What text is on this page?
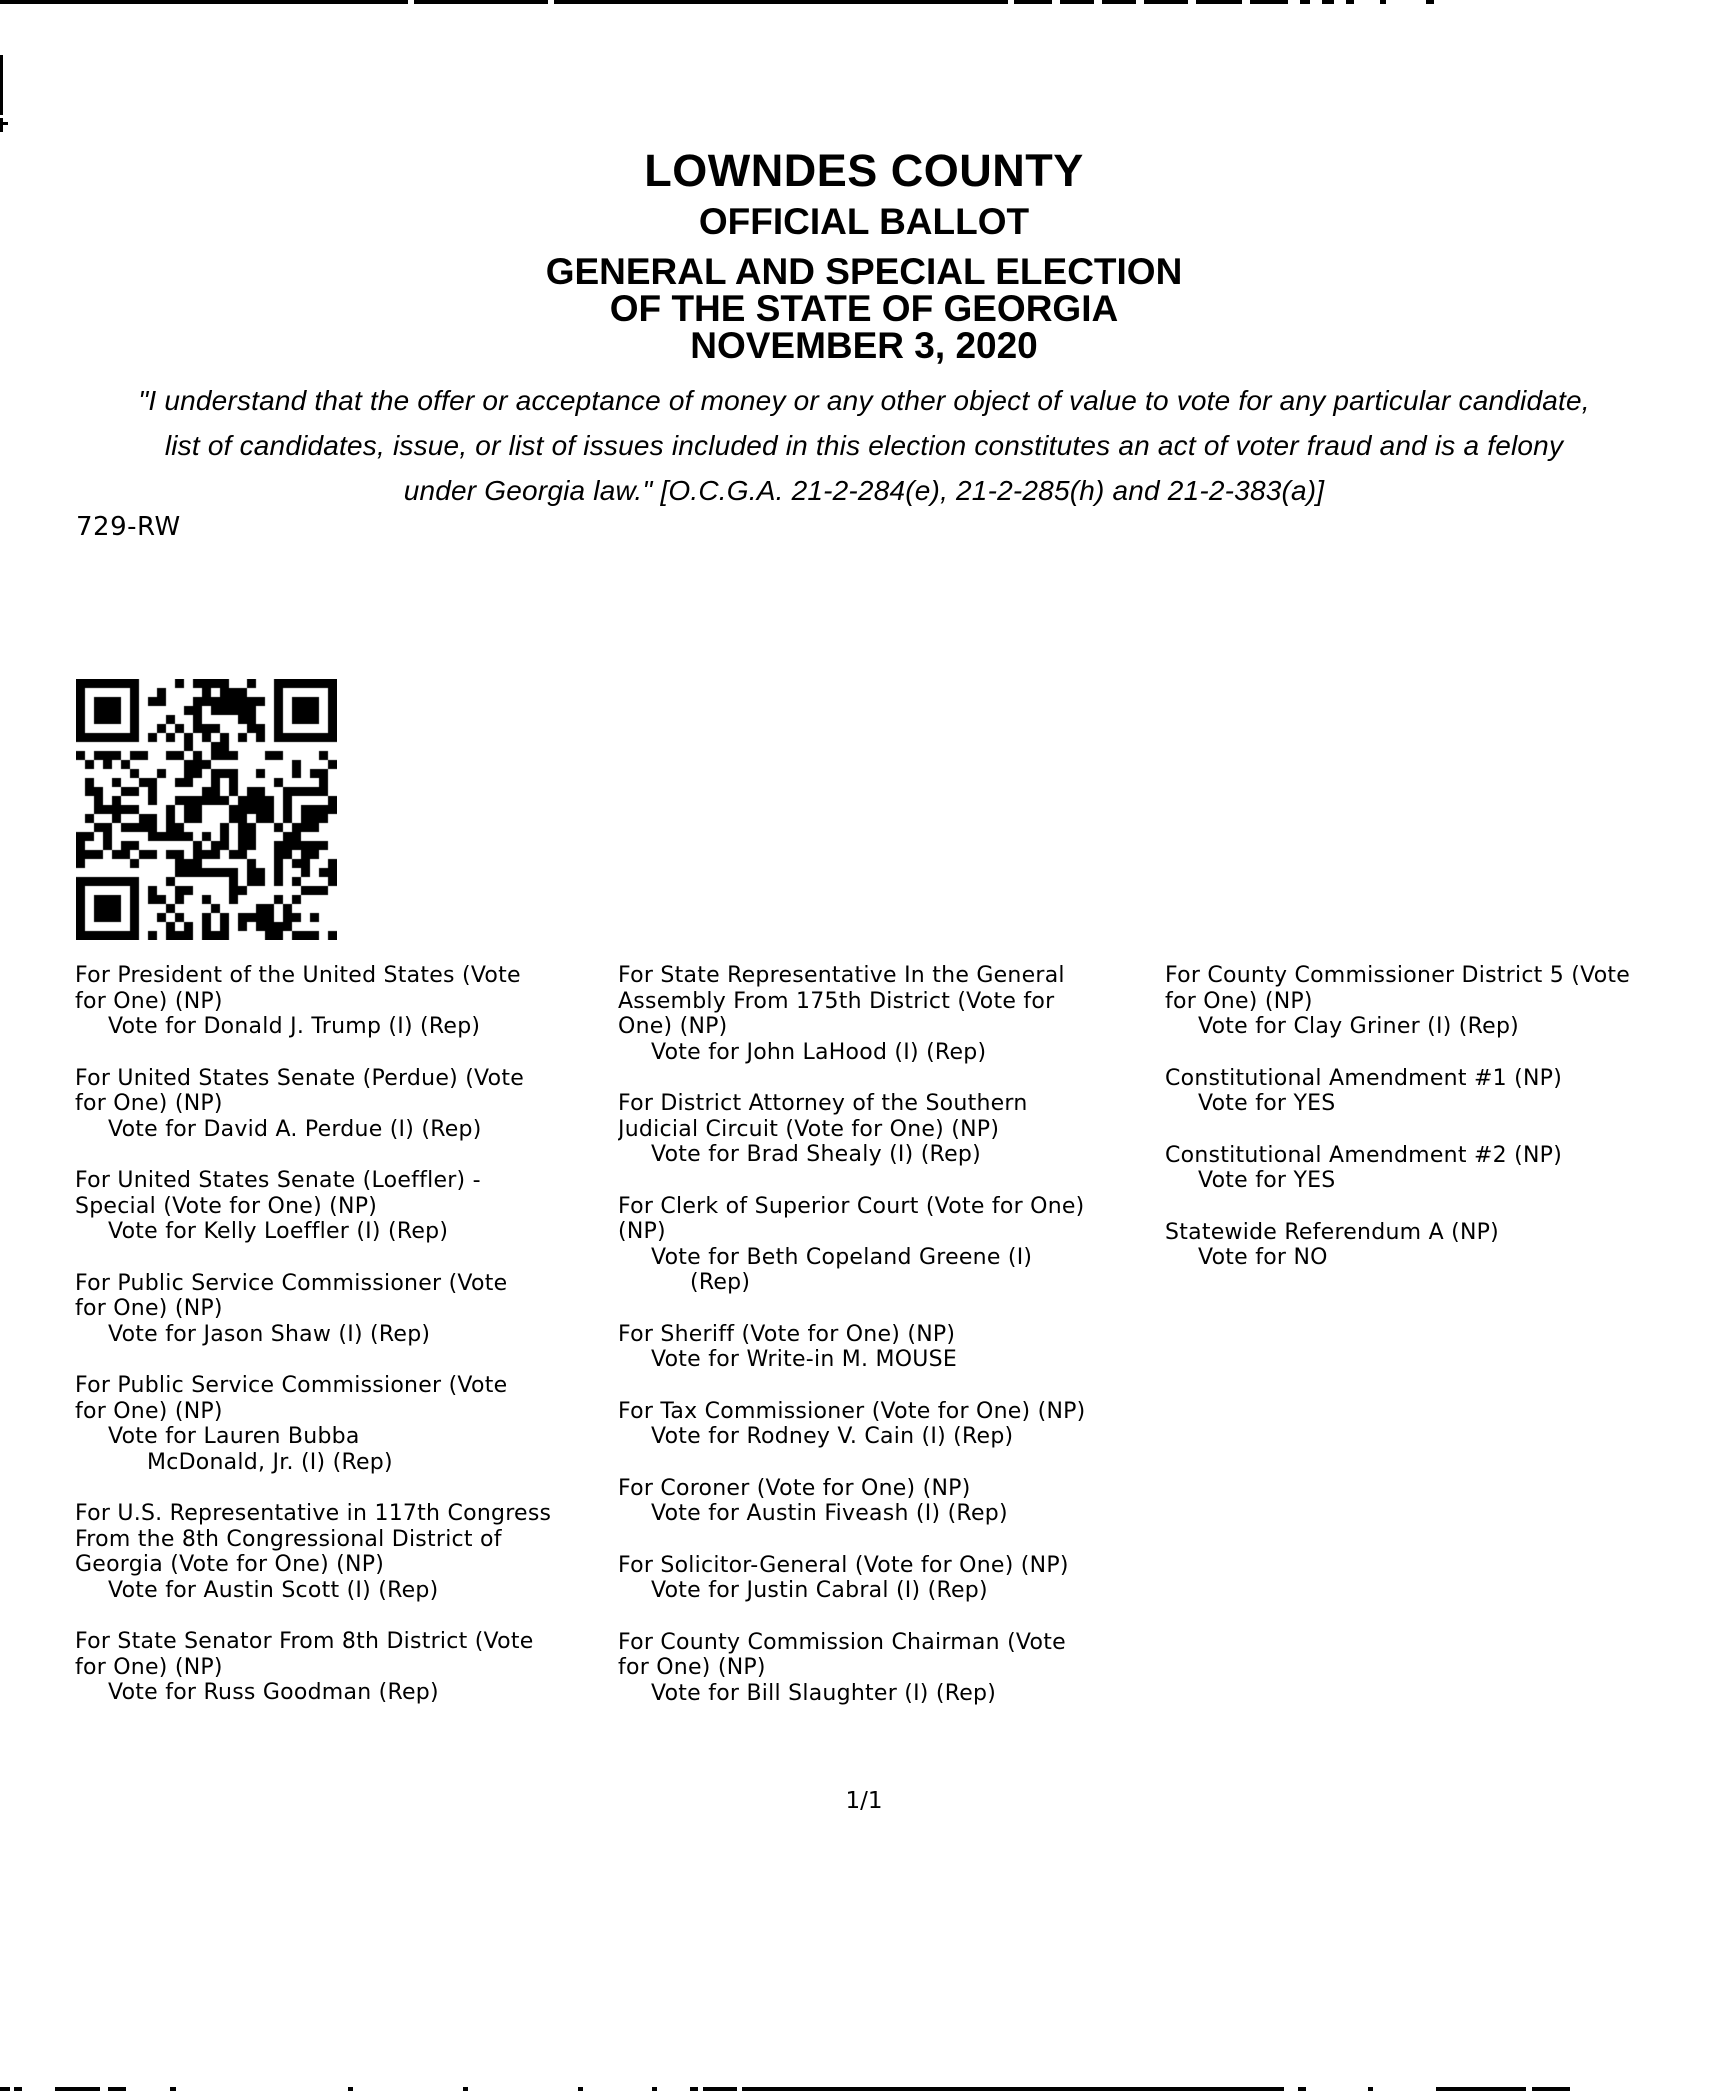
LOWNDES COUNTY
OFFICIAL BALLOT
GENERAL AND SPECIAL ELECTION
OF THE STATE OF GEORGIA
NOVEMBER 3, 2020
"I understand that the offer or acceptance of money or any other object of value to vote for any particular candidate,
list of candidates, issue, or list of issues included in this election constitutes an act of voter fraud and is a felony
under Georgia law." [O.C.G.A. 21-2-284(e), 21-2-285(h) and 21-2-383(a)]
729-RW
For President of the United States (Vote
for One) (NP)
Vote for Donald J. Trump (I) (Rep)
For United States Senate (Perdue) (Vote
for One) (NP)
Vote for David A. Perdue (I) (Rep)
For United States Senate (Loeffler) -
Special (Vote for One) (NP)
Vote for Kelly Loeffler (I) (Rep)
For Public Service Commissioner (Vote
for One) (NP)
Vote for Jason Shaw (I) (Rep)
For Public Service Commissioner (Vote
for One) (NP)
Vote for Lauren Bubba
McDonald, Jr. (I) (Rep)
For U.S. Representative in 117th Congress
From the 8th Congressional District of
Georgia (Vote for One) (NP)
Vote for Austin Scott (I) (Rep)
For State Senator From 8th District (Vote
for One) (NP)
Vote for Russ Goodman (Rep)
For State Representative In the General
Assembly From 175th District (Vote for
One) (NP)
Vote for John LaHood (I) (Rep)
For District Attorney of the Southern
Judicial Circuit (Vote for One) (NP)
Vote for Brad Shealy (I) (Rep)
For Clerk of Superior Court (Vote for One)
(NP)
Vote for Beth Copeland Greene (I)
(Rep)
For Sheriff (Vote for One) (NP)
Vote for Write-in M. MOUSE
For Tax Commissioner (Vote for One) (NP)
Vote for Rodney V. Cain (I) (Rep)
For Coroner (Vote for One) (NP)
Vote for Austin Fiveash (I) (Rep)
For Solicitor-General (Vote for One) (NP)
Vote for Justin Cabral (I) (Rep)
For County Commission Chairman (Vote
for One) (NP)
Vote for Bill Slaughter (I) (Rep)
For County Commissioner District 5 (Vote
for One) (NP)
Vote for Clay Griner (I) (Rep)
Constitutional Amendment #1 (NP)
Vote for YES
Constitutional Amendment #2 (NP)
Vote for YES
Statewide Referendum A (NP)
Vote for NO
1/1
